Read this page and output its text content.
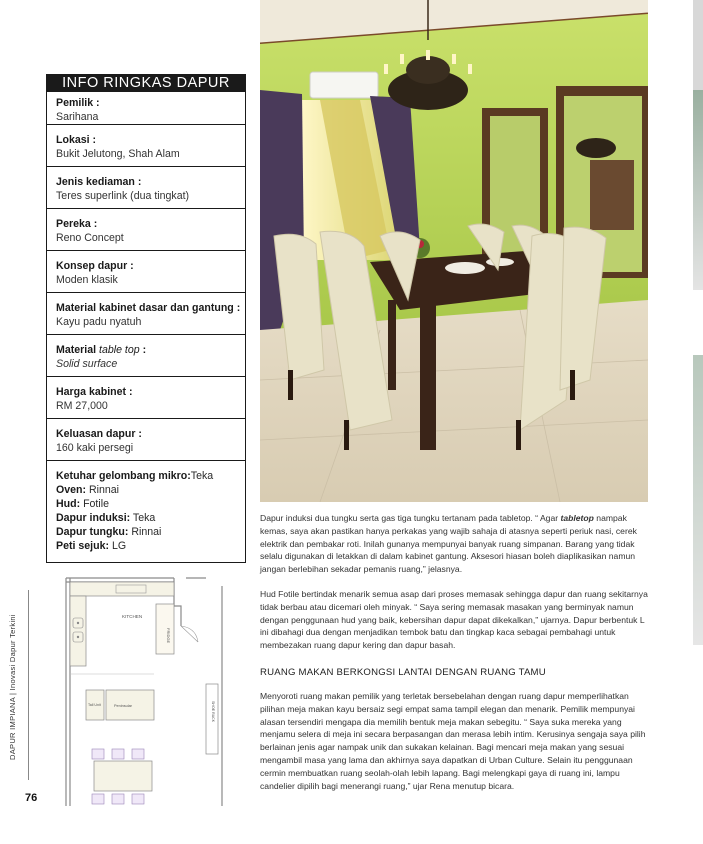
INFO RINGKAS DAPUR
Pemilik :
Sarihana
Lokasi :
Bukit Jelutong, Shah Alam
Jenis kediaman :
Teres superlink (dua tingkat)
Pereka :
Reno Concept
Konsep dapur :
Moden klasik
Material kabinet dasar dan gantung :
Kayu padu nyatuh
Material table top :
Solid surface
Harga kabinet :
RM 27,000
Keluasan dapur :
160 kaki persegi
Ketuhar gelombang mikro:Teka
Oven: Rinnai
Hud: Fotile
Dapur induksi: Teka
Dapur tungku: Rinnai
Peti sejuk: LG
KITCHEN
FRIDGE
Tall Unit	Peninsular	SHOE RACK
DAPUR IMPIANA | Inovasi Dapur Terkini
76
Dapur induksi dua tungku serta gas tiga tungku tertanam pada tabletop. “ Agar tabletop nampak kemas, saya akan pastikan hanya perkakas yang wajib sahaja di atasnya seperti periuk nasi, cerek elektrik dan pembakar roti. Inilah gunanya mempunyai banyak ruang simpanan. Barang yang tidak selalu digunakan di letakkan di dalam kabinet gantung. Aksesori hiasan boleh diaplikasikan namun jangan berlebihan sekadar pemanis ruang,” jelasnya.
Hud Fotile bertindak menarik semua asap dari proses memasak sehingga dapur dan ruang sekitarnya tidak berbau atau dicemari oleh minyak. “ Saya sering memasak masakan yang berminyak namun dengan penggunaan hud yang baik, kebersihan dapur dapat dikekalkan,” ujarnya. Dapur berbentuk L ini dibahagi dua dengan menjadikan tembok batu dan tingkap kaca sebagai pembahagi untuk membezakan ruang dapur kering dan dapur basah.
RUANG MAKAN BERKONGSI LANTAI DENGAN RUANG TAMU
Menyoroti ruang makan pemilik yang terletak bersebelahan dengan ruang dapur memperlihatkan pilihan meja makan kayu bersaiz segi empat sama tampil elegan dan menarik. Pemilik mempunyai alasan tersendiri mengapa dia memilih bentuk meja makan sebegitu. “ Saya suka mereka yang menjamu selera di meja ini secara berpasangan dan merasa lebih intim. Kerusinya sengaja saya pilih berlainan jenis agar nampak unik dan sukakan kelainan. Bagi mencari meja makan yang sesuai mengambil masa yang lama dan akhirnya saya dapatkan di Urban Culture. Selain itu penggunaan cermin membuatkan ruang seolah-olah lebih lapang. Bagi melengkapi gaya di ruang ini, lampu candelier dipilih bagi menerangi ruang,” ujar Rena menutup bicara.
